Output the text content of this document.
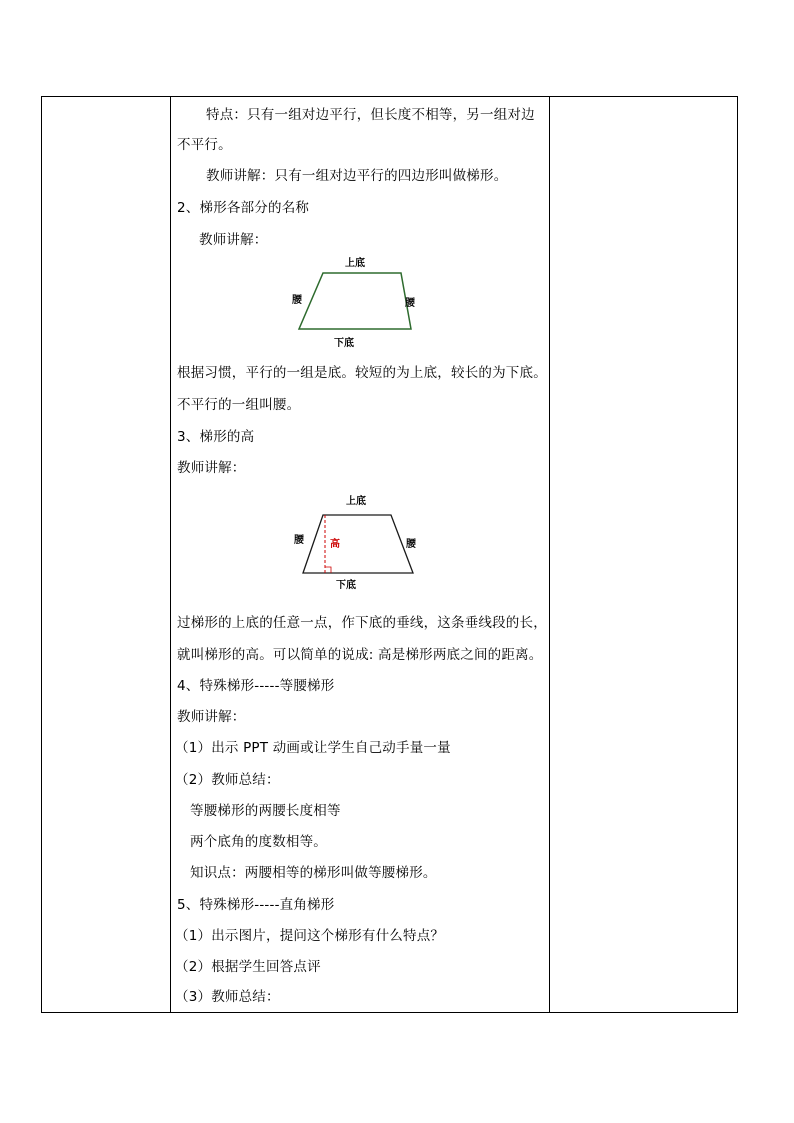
特点：只有一组对边平行，但长度不相等，另一组对边
不平行。
教师讲解：只有一组对边平行的四边形叫做梯形。
2、梯形各部分的名称
教师讲解：
上底
下底
腰	腰
根据习惯，平行的一组是底。较短的为上底，较长的为下底。
不平行的一组叫腰。
3、梯形的高
教师讲解：
上底
下底
腰	腰
高
过梯形的上底的任意一点，作下底的垂线，这条垂线段的长，
就叫梯形的高。可以简单的说成: 高是梯形两底之间的距离。
4、特殊梯形-----等腰梯形
教师讲解：
（1）出示 PPT 动画或让学生自己动手量一量
（2）教师总结：
等腰梯形的两腰长度相等
两个底角的度数相等。
知识点：两腰相等的梯形叫做等腰梯形。
5、特殊梯形-----直角梯形
（1）出示图片，提问这个梯形有什么特点？
（2）根据学生回答点评
（3）教师总结：
